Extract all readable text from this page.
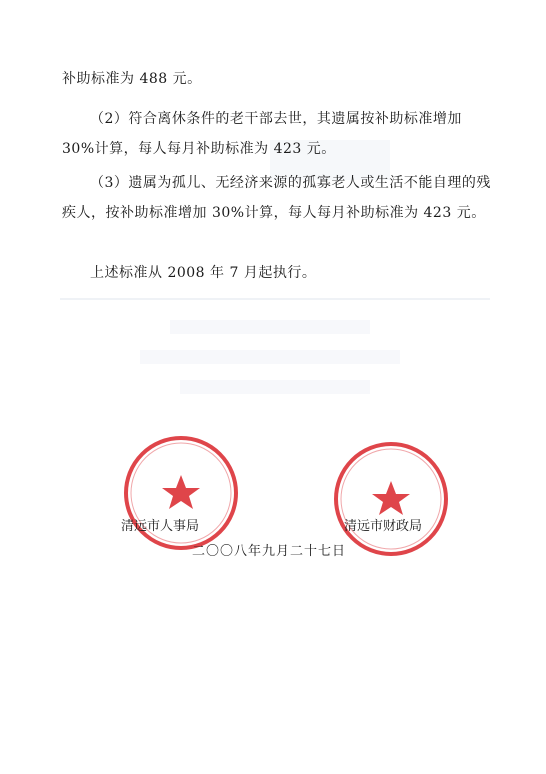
补助标准为 488 元。

（2）符合离休条件的老干部去世，其遗属按补助标准增加 30%计算，每人每月补助标准为 423 元。

（3）遗属为孤儿、无经济来源的孤寡老人或生活不能自理的残疾人，按补助标准增加 30%计算，每人每月补助标准为 423 元。

上述标准从 2008 年 7 月起执行。

清远市人事局	清远市财政局
二〇〇八年九月二十七日
